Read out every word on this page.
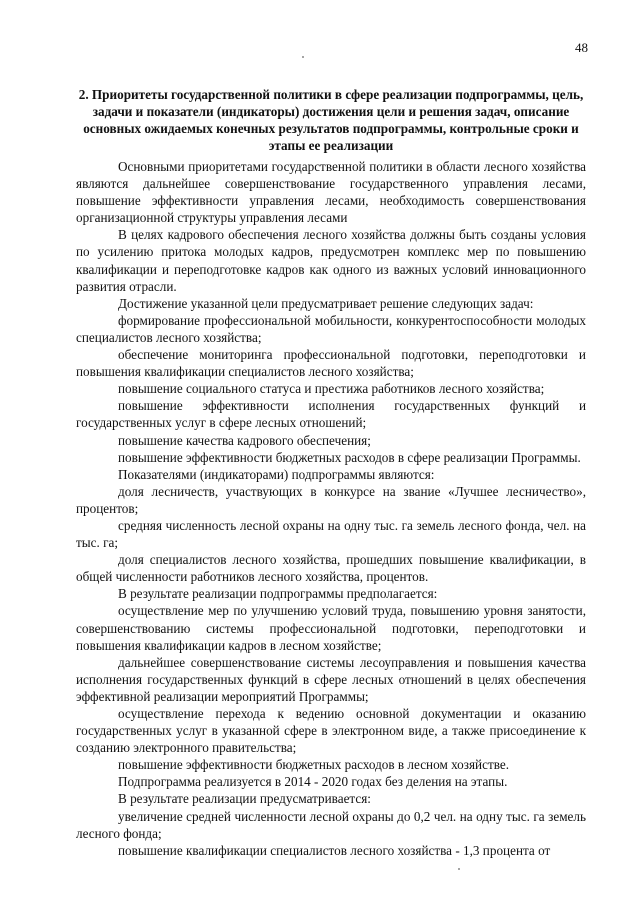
48
2. Приоритеты государственной политики в сфере реализации подпрограммы, цель, задачи и показатели (индикаторы) достижения цели и решения задач, описание основных ожидаемых конечных результатов подпрограммы, контрольные сроки и этапы ее реализации

Основными приоритетами государственной политики в области лесного хозяйства являются дальнейшее совершенствование государственного управления лесами, повышение эффективности управления лесами, необходимость совершенствования организационной структуры управления лесами

В целях кадрового обеспечения лесного хозяйства должны быть созданы условия по усилению притока молодых кадров, предусмотрен комплекс мер по повышению квалификации и переподготовке кадров как одного из важных условий инновационного развития отрасли.

Достижение указанной цели предусматривает решение следующих задач:

формирование профессиональной мобильности, конкурентоспособности молодых специалистов лесного хозяйства;

обеспечение мониторинга профессиональной подготовки, переподготовки и повышения квалификации специалистов лесного хозяйства;

повышение социального статуса и престижа работников лесного хозяйства;

повышение эффективности исполнения государственных функций и государственных услуг в сфере лесных отношений;

повышение качества кадрового обеспечения;

повышение эффективности бюджетных расходов в сфере реализации Программы.

Показателями (индикаторами) подпрограммы являются:

доля лесничеств, участвующих в конкурсе на звание «Лучшее лесничество», процентов;

средняя численность лесной охраны на одну тыс. га земель лесного фонда, чел. на тыс. га;

доля специалистов лесного хозяйства, прошедших повышение квалификации, в общей численности работников лесного хозяйства, процентов.

В результате реализации подпрограммы предполагается:

осуществление мер по улучшению условий труда, повышению уровня занятости, совершенствованию системы профессиональной подготовки, переподготовки и повышения квалификации кадров в лесном хозяйстве;

дальнейшее совершенствование системы лесоуправления и повышения качества исполнения государственных функций в сфере лесных отношений в целях обеспечения эффективной реализации мероприятий Программы;

осуществление перехода к ведению основной документации и оказанию государственных услуг в указанной сфере в электронном виде, а также присоединение к созданию электронного правительства;

повышение эффективности бюджетных расходов в лесном хозяйстве.

Подпрограмма реализуется в 2014 - 2020 годах без деления на этапы.

В результате реализации предусматривается:

увеличение средней численности лесной охраны до 0,2 чел. на одну тыс. га земель лесного фонда;

повышение квалификации специалистов лесного хозяйства - 1,3 процента от
